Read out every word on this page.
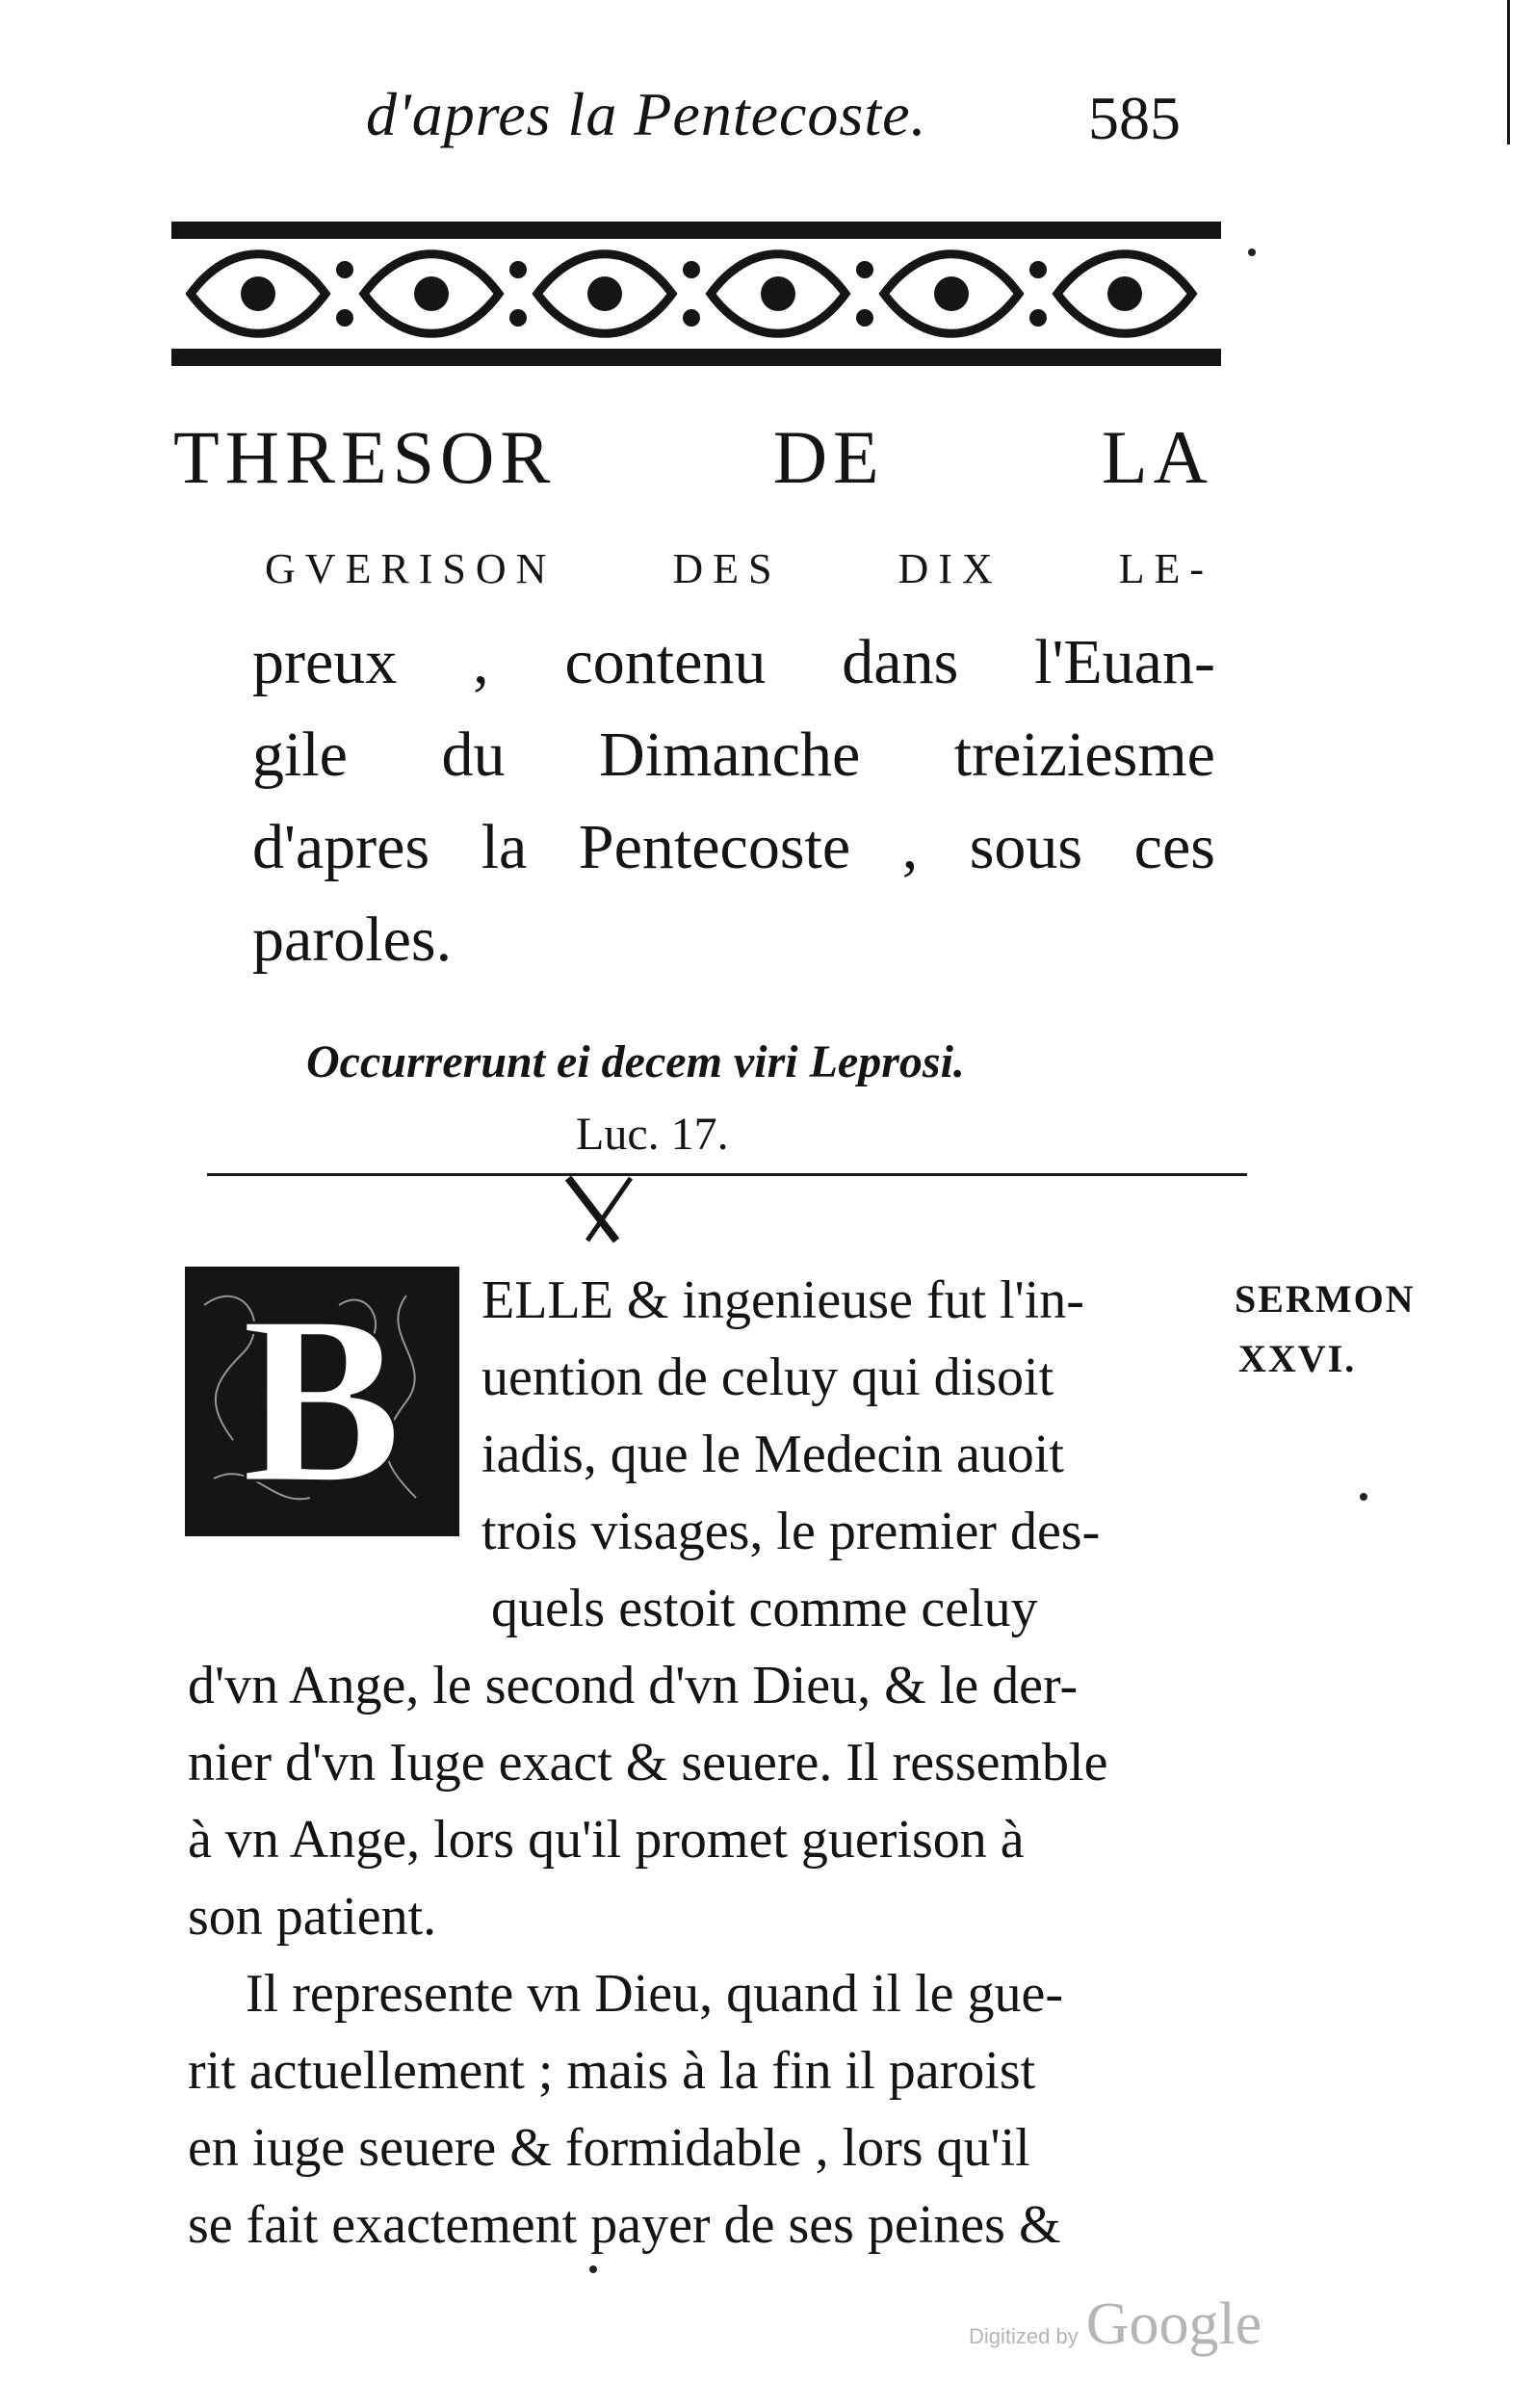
d'apres la Pentecoste.	585
THRESOR	DE	LA
GVERISON	DES	DIX	LE-
preux , contenu dans l'Euan-
gile du Dimanche treiziesme
d'apres la Pentecoste , sous ces
paroles.
Occurrerunt ei decem viri Leprosi.
Luc. 17.
B ELLE & ingenieuse fut l'in-
uention de celuy qui disoit
iadis, que le Medecin auoit
trois visages, le premier des-
quels estoit comme celuy
SERMON
XXVI.
d'vn Ange, le second d'vn Dieu, & le der-
nier d'vn Iuge exact & seuere. Il ressemble
à vn Ange, lors qu'il promet guerison à
son patient.
Il represente vn Dieu, quand il le gue-
rit actuellement ; mais à la fin il paroist
en iuge seuere & formidable , lors qu'il
se fait exactement payer de ses peines &
Digitized by Google
